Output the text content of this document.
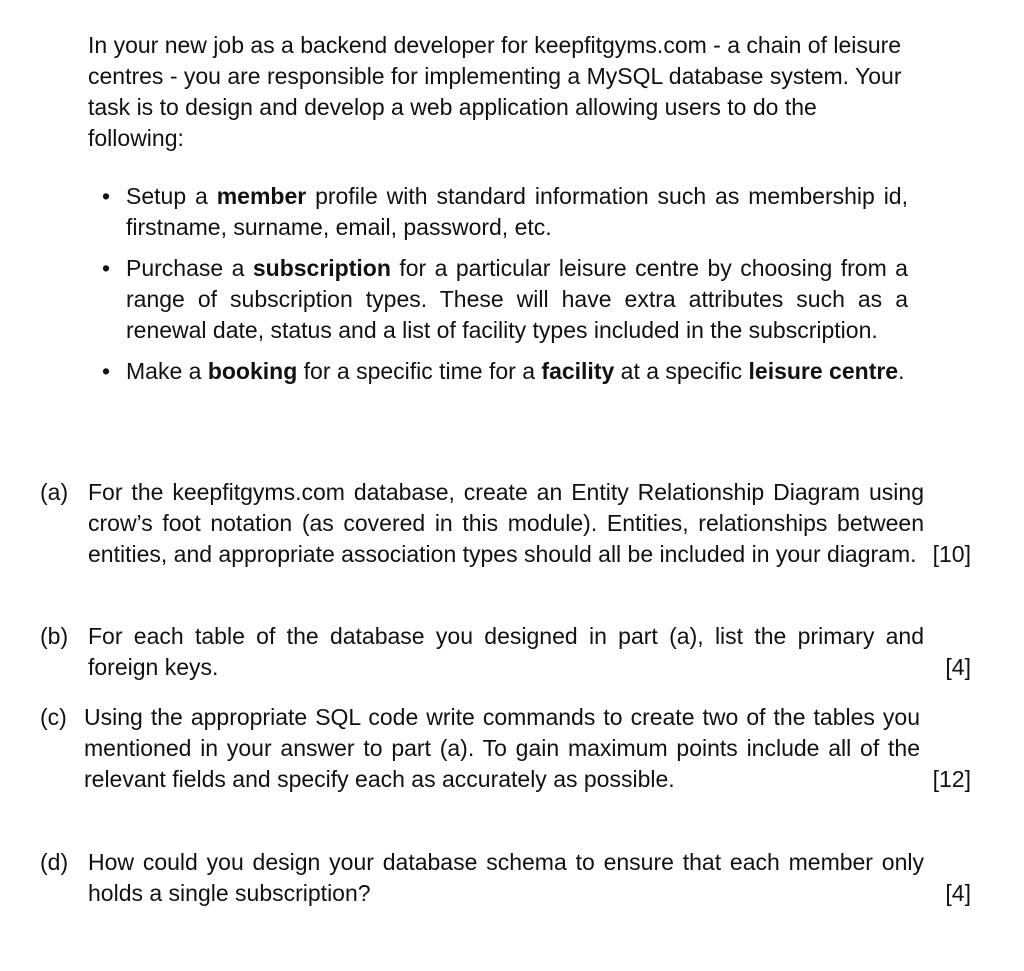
In your new job as a backend developer for keepfitgyms.com - a chain of leisure centres - you are responsible for implementing a MySQL database system. Your task is to design and develop a web application allowing users to do the following:

• Setup a member profile with standard information such as membership id, firstname, surname, email, password, etc.
• Purchase a subscription for a particular leisure centre by choosing from a range of subscription types. These will have extra attributes such as a renewal date, status and a list of facility types included in the subscription.
• Make a booking for a specific time for a facility at a specific leisure centre.
(a) For the keepfitgyms.com database, create an Entity Relationship Diagram using crow’s foot notation (as covered in this module). Entities, relationships between entities, and appropriate association types should all be included in your diagram. [10]
(b) For each table of the database you designed in part (a), list the primary and foreign keys.	[4]
(c) Using the appropriate SQL code write commands to create two of the tables you mentioned in your answer to part (a). To gain maximum points include all of the relevant fields and specify each as accurately as possible.	[12]
(d) How could you design your database schema to ensure that each member only holds a single subscription?	[4]
